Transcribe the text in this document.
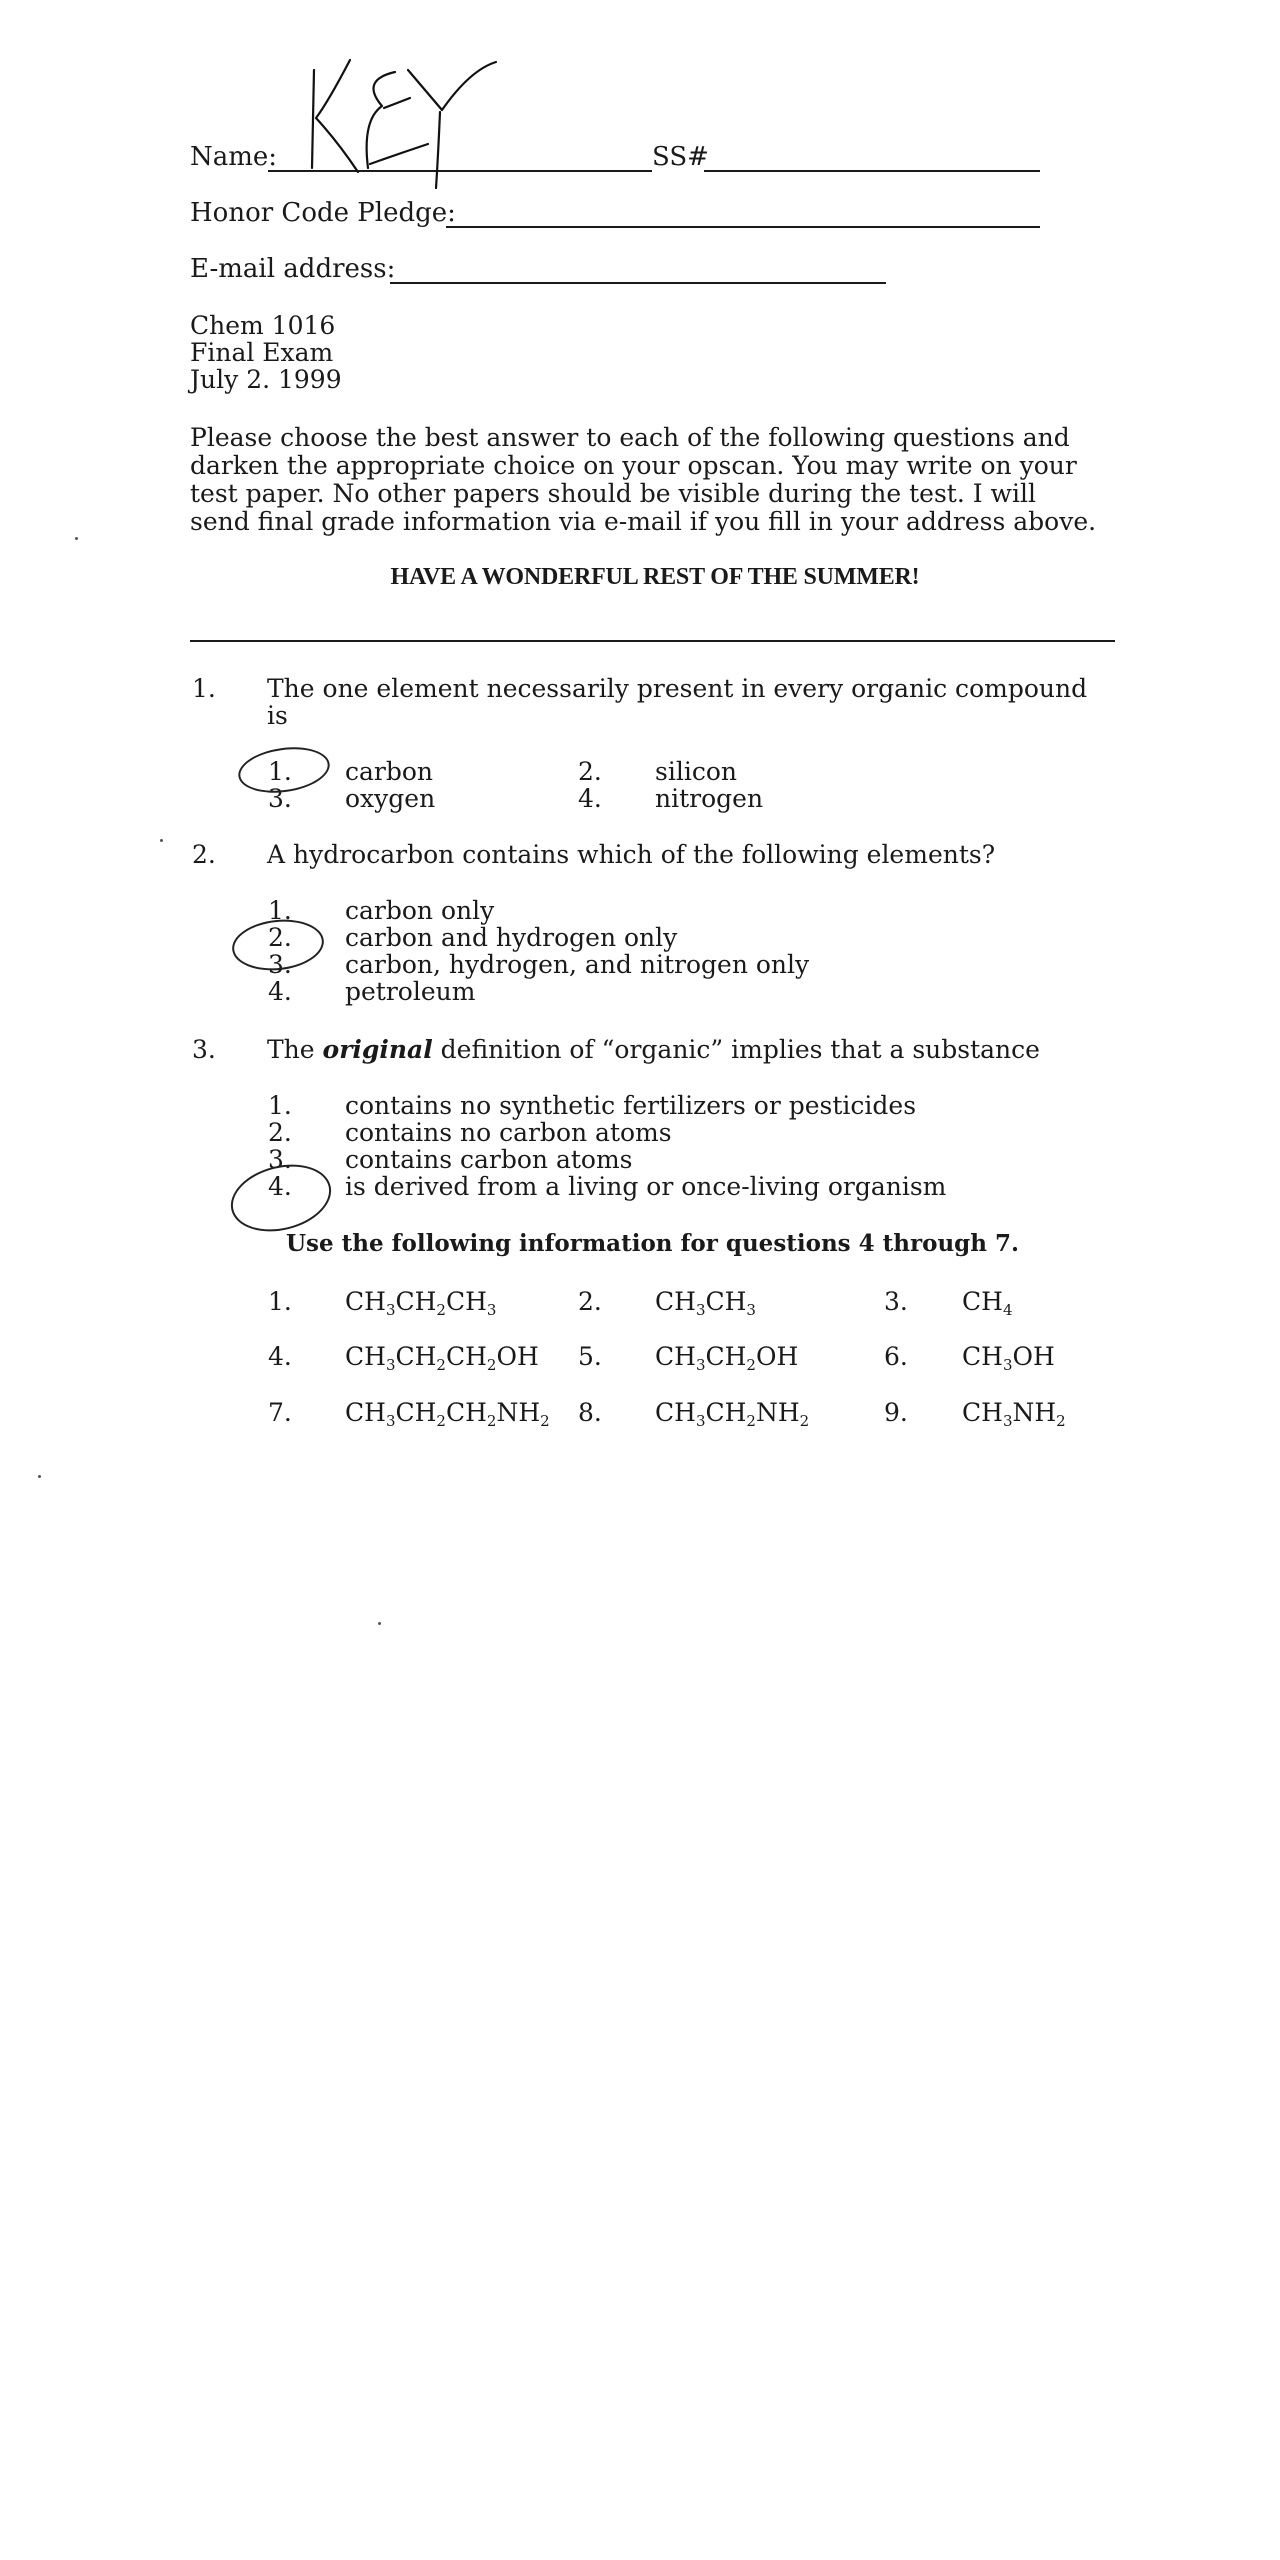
Name:	SS#
Honor Code Pledge:
E-mail address:
Chem 1016
Final Exam
July 2. 1999
Please choose the best answer to each of the following questions and
darken the appropriate choice on your opscan. You may write on your
test paper. No other papers should be visible during the test. I will
send final grade information via e-mail if you fill in your address above.
HAVE A WONDERFUL REST OF THE SUMMER!
1. The one element necessarily present in every organic compound
is
1. carbon	2. silicon
3. oxygen	4. nitrogen
2. A hydrocarbon contains which of the following elements?
1. carbon only
2. carbon and hydrogen only
3. carbon, hydrogen, and nitrogen only
4. petroleum
3. The original definition of “organic” implies that a substance
1. contains no synthetic fertilizers or pesticides
2. contains no carbon atoms
3. contains carbon atoms
4. is derived from a living or once-living organism
Use the following information for questions 4 through 7.
1. $CH_3CH_2CH_3$	2. $CH_3CH_3$	3. $CH_4$
4. $CH_3CH_2CH_2OH$ 5. $CH_3CH_2OH$	6. $CH_3OH$
7. $CH_3CH_2CH_2NH_2$ 8. $CH_3CH_2NH_2$	9. $CH_3NH_2$
